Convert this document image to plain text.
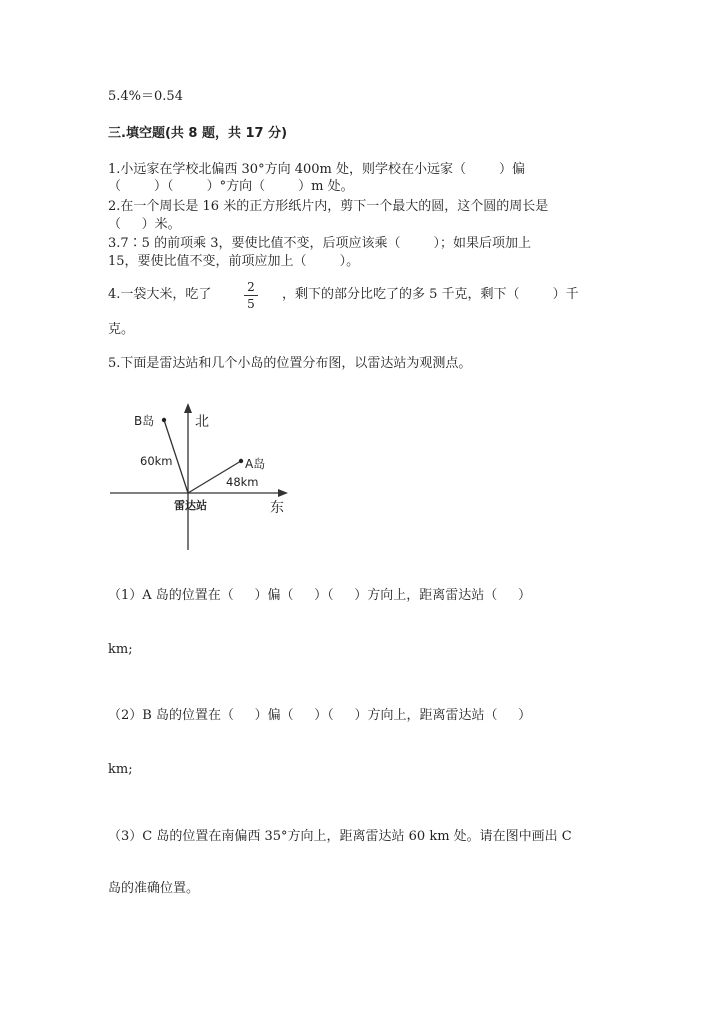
5.4%＝0.54

三.填空题(共 8 题，共 17 分)

1.小远家在学校北偏西 30°方向 400m 处，则学校在小远家（        ）偏

（        ）（        ）°方向（        ）m 处。

2.在一个周长是 16 米的正方形纸片内，剪下一个最大的圆，这个圆的周长是

（     ）米。

3.7∶5 的前项乘 3，要使比值不变，后项应该乘（        ）；如果后项加上

15，要使比值不变，前项应加上（        ）。

4.一袋大米，吃了	2
5

，剩下的部分比吃了的多 5 千克，剩下（        ）千

克。

5.下面是雷达站和几个小岛的位置分布图，以雷达站为观测点。

北
东
B岛
A岛
60km
48km
雷达站

（1）A 岛的位置在（     ）偏（     ）（     ）方向上，距离雷达站（     ）

km;

（2）B 岛的位置在（     ）偏（     ）（     ）方向上，距离雷达站（     ）

km;

（3）C 岛的位置在南偏西 35°方向上，距离雷达站 60 km 处。请在图中画出 C

岛的准确位置。
